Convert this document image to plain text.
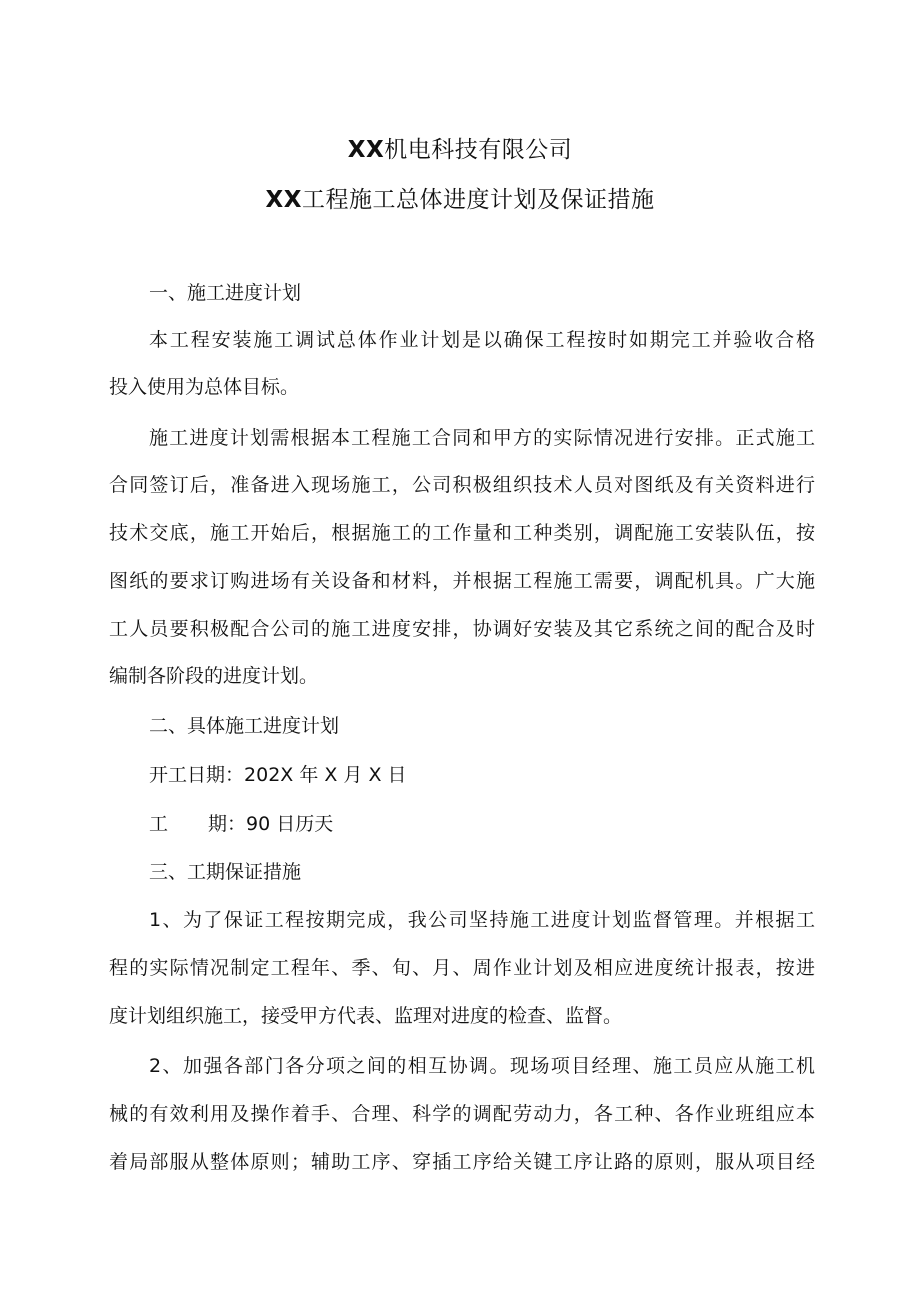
XX机电科技有限公司
XX工程施工总体进度计划及保证措施
一、施工进度计划
本工程安装施工调试总体作业计划是以确保工程按时如期完工并验收合格
投入使用为总体目标。
施工进度计划需根据本工程施工合同和甲方的实际情况进行安排。正式施工
合同签订后，准备进入现场施工，公司积极组织技术人员对图纸及有关资料进行
技术交底，施工开始后，根据施工的工作量和工种类别，调配施工安装队伍，按
图纸的要求订购进场有关设备和材料，并根据工程施工需要，调配机具。广大施
工人员要积极配合公司的施工进度安排，协调好安装及其它系统之间的配合及时
编制各阶段的进度计划。
二、具体施工进度计划
开工日期：202X 年 X 月 X 日
工 期：90 日历天
三、工期保证措施
1、为了保证工程按期完成，我公司坚持施工进度计划监督管理。并根据工
程的实际情况制定工程年、季、旬、月、周作业计划及相应进度统计报表，按进
度计划组织施工，接受甲方代表、监理对进度的检查、监督。
2、加强各部门各分项之间的相互协调。现场项目经理、施工员应从施工机
械的有效利用及操作着手、合理、科学的调配劳动力，各工种、各作业班组应本
着局部服从整体原则；辅助工序、穿插工序给关键工序让路的原则，服从项目经
